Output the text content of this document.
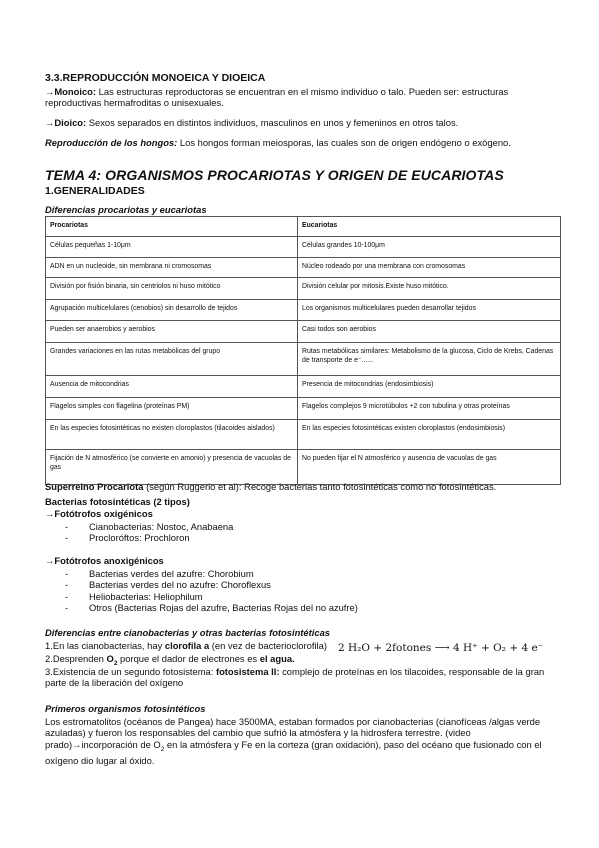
3.3.REPRODUCCIÓN MONOEICA Y DIOEICA
→Monoico: Las estructuras reproductoras se encuentran en el mismo individuo o talo. Pueden ser: estructuras reproductivas hermafroditas o unisexuales.
→Dioico: Sexos separados en distintos individuos, masculinos en unos y femeninos en otros talos.
Reproducción de los hongos: Los hongos forman meiosporas, las cuales son de origen endógeno o exógeno.
TEMA 4: ORGANISMOS PROCARIOTAS Y ORIGEN DE EUCARIOTAS
1.GENERALIDADES
Diferencias procariotas y eucariotas
Procariotas	Eucariotas
Células pequeñas 1-10μm	Células grandes 10-100μm
ADN en un nucleoide, sin membrana ni cromosomas	Núcleo rodeado por una membrana con cromosomas
División por fisión binaria, sin centriolos ni huso mitótico	División celular por mitosis.Existe huso mitótico.
Agrupación multicelulares (cenobios) sin desarrollo de tejidos	Los organismos multicelulares pueden desarrollar tejidos
Pueden ser anaerobios y aerobios	Casi todos son aerobios
Grandes variaciones en las rutas metabólicas del grupo	Rutas metabólicas similares: Metabolismo de la glucosa, Ciclo de Krebs, Cadenas de transporte de e⁻......
Ausencia de mitocondrias	Presencia de mitocondrias (endosimbiosis)
Flagelos simples con flagelina (proteínas PM)	Flagelos complejos 9 microtúbulos +2 con tubulina y otras proteínas
En las especies fotosintéticas no existen cloroplastos (tilacoides aislados)	En las especies fotosintéticas existen cloroplastos (endosimbiosis)
Fijación de N atmosférico (se convierte en amonio) y presencia de vacuolas de gas	No pueden fijar el N atmosférico y ausencia de vacuolas de gas
Superreino Procariota (según Ruggerio et al): Recoge bacterias tanto fotosintéticas como no fotosintéticas.
Bacterias fotosintéticas (2 tipos)
→Fotótrofos oxigénicos
- Cianobacterias: Nostoc, Anabaena
- Procloróftos: Prochloron
→Fotótrofos anoxigénicos
- Bacterias verdes del azufre: Chorobium
- Bacterias verdes del no azufre: Choroflexus
- Heliobacterias: Heliophilum
- Otros (Bacterias Rojas del azufre, Bacterias Rojas del no azufre)
Diferencias entre cianobacterias y otras bacterias fotosintéticas
1.En las cianobacterias, hay clorofila a (en vez de bacterioclorofila)
2.Desprenden $O_2$ porque el dador de electrones es el agua.
3.Existencia de un segundo fotosistema: fotosistema II: complejo de proteínas en los tilacoides, responsable de la gran parte de la liberación del oxígeno
Primeros organismos fotosintéticos
Los estromatolitos (océanos de Pangea) hace 3500MA, estaban formados por cianobacterias (cianofíceas /algas verde azuladas) y fueron los responsables del cambio que sufrió la atmósfera y la hidrosfera terrestre. (video prado)→incorporación de $O_2$ en la atmósfera y Fe en la corteza (gran oxidación), paso del océano que fusionado con el oxígeno dio lugar al óxido.
2 H₂O + 2fotones ⟶ 4 H⁺ + O₂ + 4 e⁻
